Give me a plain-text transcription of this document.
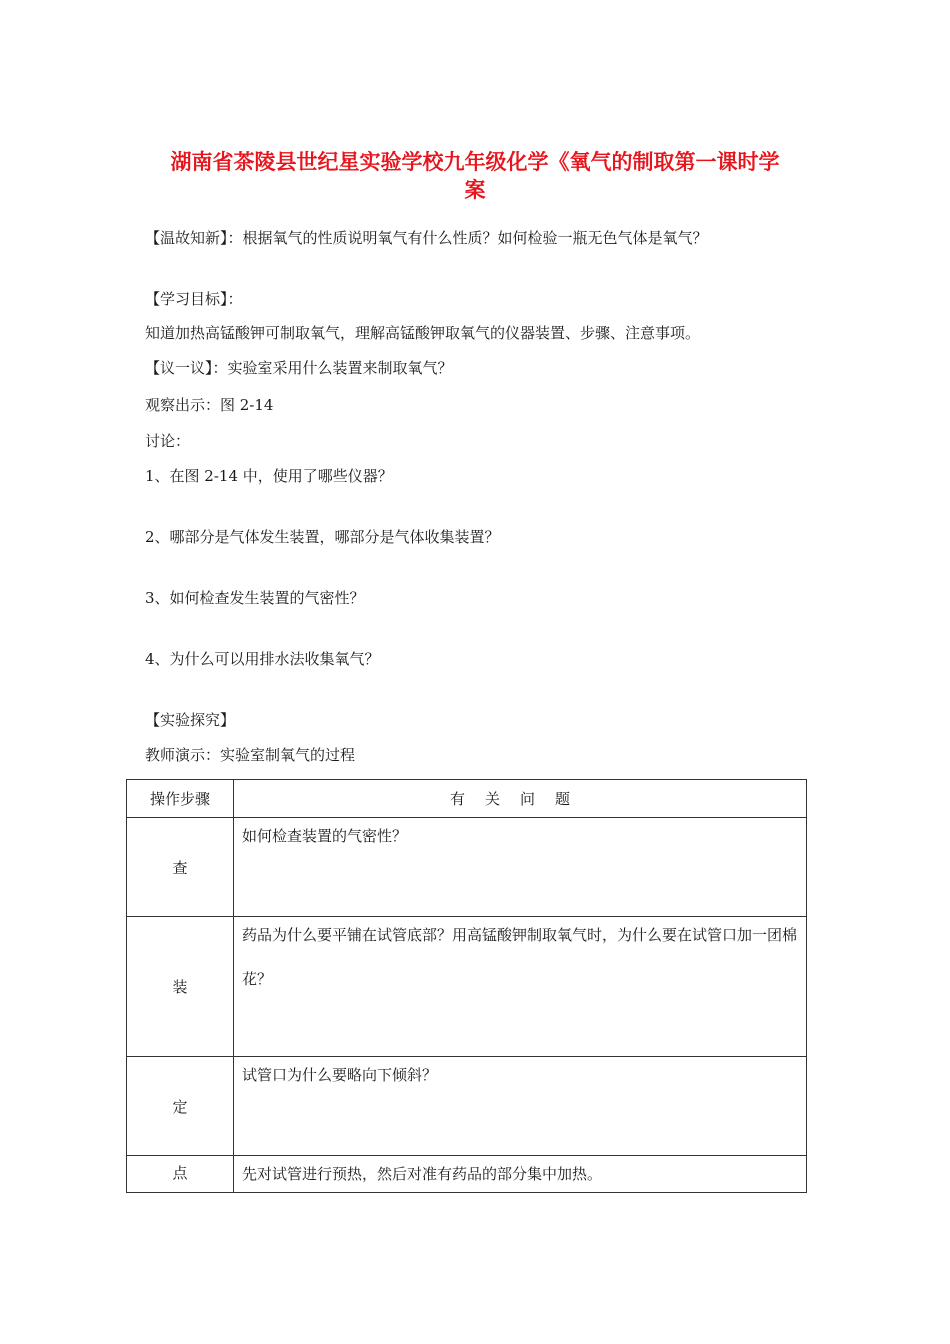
湖南省茶陵县世纪星实验学校九年级化学《氧气的制取第一课时学
案

【温故知新】：根据氧气的性质说明氧气有什么性质？如何检验一瓶无色气体是氧气？

【学习目标】：

知道加热高锰酸钾可制取氧气，理解高锰酸钾取氧气的仪器装置、步骤、注意事项。

【议一议】：实验室采用什么装置来制取氧气？

观察出示：图 2-14

讨论：

1、在图 2-14 中，使用了哪些仪器？

2、哪部分是气体发生装置，哪部分是气体收集装置？

3、如何检查发生装置的气密性？

4、为什么可以用排水法收集氧气？

【实验探究】

教师演示：实验室制氧气的过程

操作步骤	有关问题
查	如何检查装置的气密性？

装	药品为什么要平铺在试管底部？用高锰酸钾制取氧气时，为什么要在试管口加一团棉花？

定	试管口为什么要略向下倾斜？

点	先对试管进行预热，然后对准有药品的部分集中加热。
